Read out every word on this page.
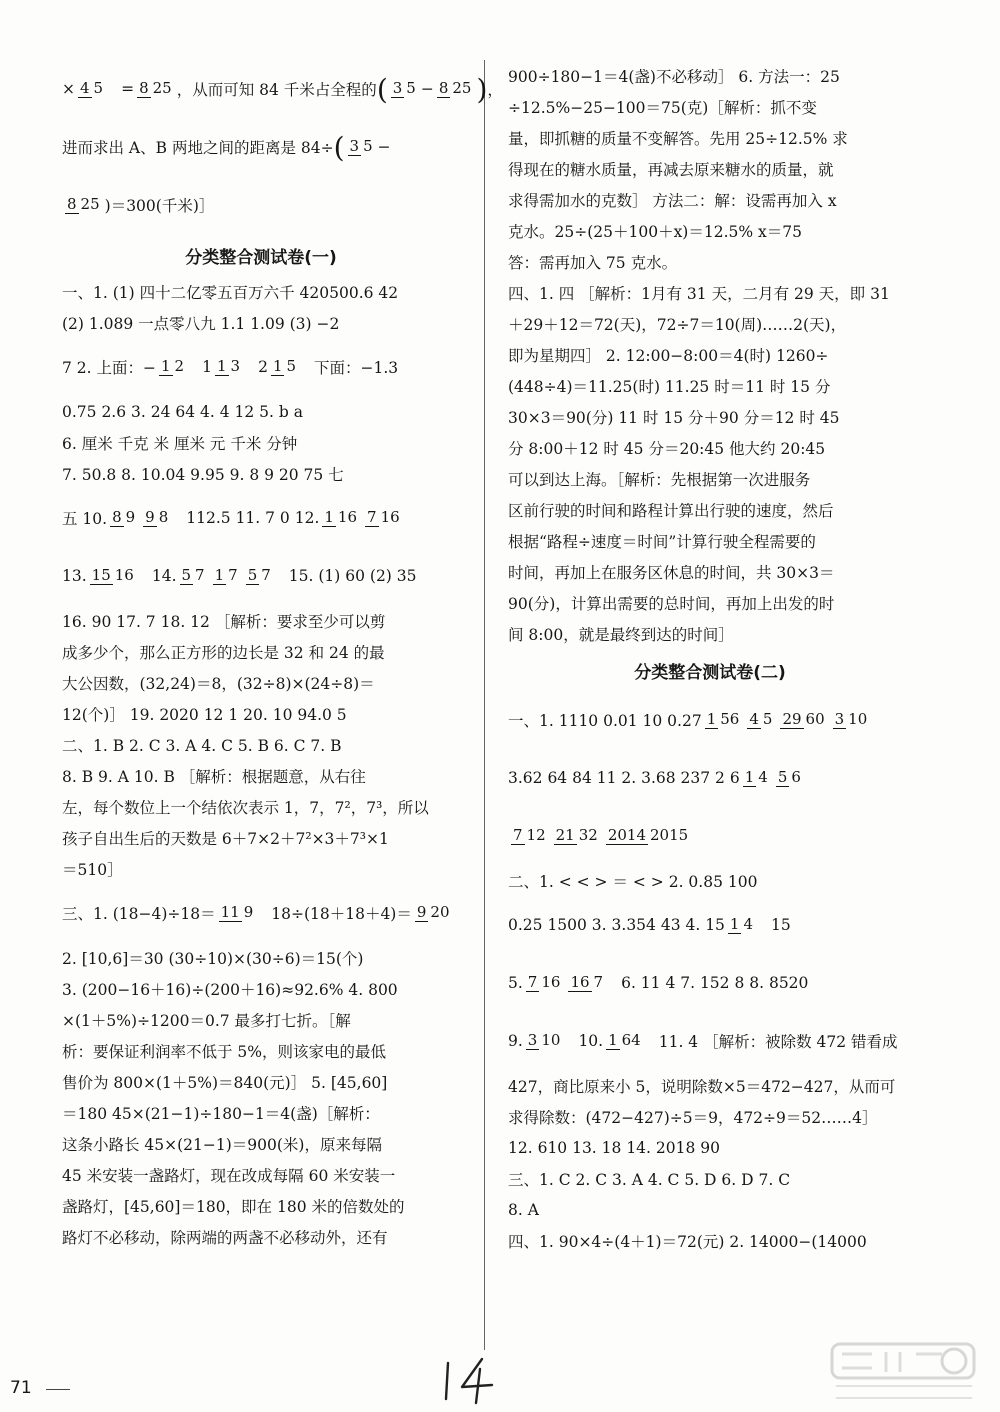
× 4 5 = 8 25 ，从而可知 84 千米占全程的 ( 3 5 − 8 25 ) ，
进而求出 A、B 两地之间的距离是 84÷ ( 3 5 −
8 25 )＝300(千米)］
分类整合测试卷(一)
一、1. (1) 四十二亿零五百万六千 420500.6 42
(2) 1.089 一点零八九 1.1 1.09 (3) −2
7 2. 上面：− 1 2 1 1 3 2 1 5 下面：−1.3
0.75 2.6 3. 24 64 4. 4 12 5. b a
6. 厘米 千克 米 厘米 元 千米 分钟
7. 50.8 8. 10.04 9.95 9. 8 9 20 75 七
五 10. 8 9 9 8 112.5 11. 7 0 12. 1 16 7 16
13. 15 16 14. 5 7 1 7 5 7 15. (1) 60 (2) 35
16. 90 17. 7 18. 12 ［解析：要求至少可以剪
成多少个，那么正方形的边长是 32 和 24 的最
大公因数，(32,24)＝8，(32÷8)×(24÷8)＝
12(个)］ 19. 2020 12 1 20. 10 94.0 5
二、1. B 2. C 3. A 4. C 5. B 6. C 7. B
8. B 9. A 10. B ［解析：根据题意，从右往
左，每个数位上一个结依次表示 1，7，7²，7³，所以
孩子自出生后的天数是 6＋7×2＋7²×3＋7³×1
＝510］
三、1. (18−4)÷18＝ 11 9 18÷(18＋18＋4)＝ 9 20
2. [10,6]＝30 (30÷10)×(30÷6)＝15(个)
3. (200−16＋16)÷(200＋16)≈92.6% 4. 800
×(1＋5%)÷1200＝0.7 最多打七折。［解
析：要保证利润率不低于 5%，则该家电的最低
售价为 800×(1＋5%)＝840(元)］ 5. [45,60]
＝180 45×(21−1)÷180−1＝4(盏)［解析：
这条小路长 45×(21−1)＝900(米)，原来每隔
45 米安装一盏路灯，现在改成每隔 60 米安装一
盏路灯，[45,60]＝180，即在 180 米的倍数处的
路灯不必移动，除两端的两盏不必移动外，还有
900÷180−1＝4(盏)不必移动］ 6. 方法一：25
÷12.5%−25−100＝75(克)［解析：抓不变
量，即抓糖的质量不变解答。先用 25÷12.5% 求
得现在的糖水质量，再减去原来糖水的质量，就
求得需加水的克数］ 方法二：解：设需再加入 x
克水。25÷(25＋100＋x)＝12.5% x＝75
答：需再加入 75 克水。
四、1. 四 ［解析：1月有 31 天，二月有 29 天，即 31
＋29＋12＝72(天)，72÷7＝10(周)……2(天)，
即为星期四］ 2. 12:00−8:00＝4(时) 1260÷
(448÷4)＝11.25(时) 11.25 时＝11 时 15 分
30×3＝90(分) 11 时 15 分＋90 分＝12 时 45
分 8:00＋12 时 45 分＝20:45 他大约 20:45
可以到达上海。［解析：先根据第一次进服务
区前行驶的时间和路程计算出行驶的速度，然后
根据“路程÷速度＝时间”计算行驶全程需要的
时间，再加上在服务区休息的时间，共 30×3＝
90(分)，计算出需要的总时间，再加上出发的时
间 8:00，就是最终到达的时间］
分类整合测试卷(二)
一、1. 1110 0.01 10 0.27 1 56 4 5 29 60 3 10
3.62 64 84 11 2. 3.68 237 2 6 1 4 5 6
7 12 21 32 2014 2015
二、1. < < > ＝ < > 2. 0.85 100
0.25 1500 3. 3.354 43 4. 15 1 4 15
5. 7 16 16 7 6. 11 4 7. 152 8 8. 8520
9. 3 10 10. 1 64 11. 4 ［解析：被除数 472 错看成
427，商比原来小 5，说明除数×5＝472−427，从而可
求得除数：(472−427)÷5＝9，472÷9＝52……4］
12. 610 13. 18 14. 2018 90
三、1. C 2. C 3. A 4. C 5. D 6. D 7. C
8. A
四、1. 90×4÷(4＋1)＝72(元) 2. 14000−(14000
71
